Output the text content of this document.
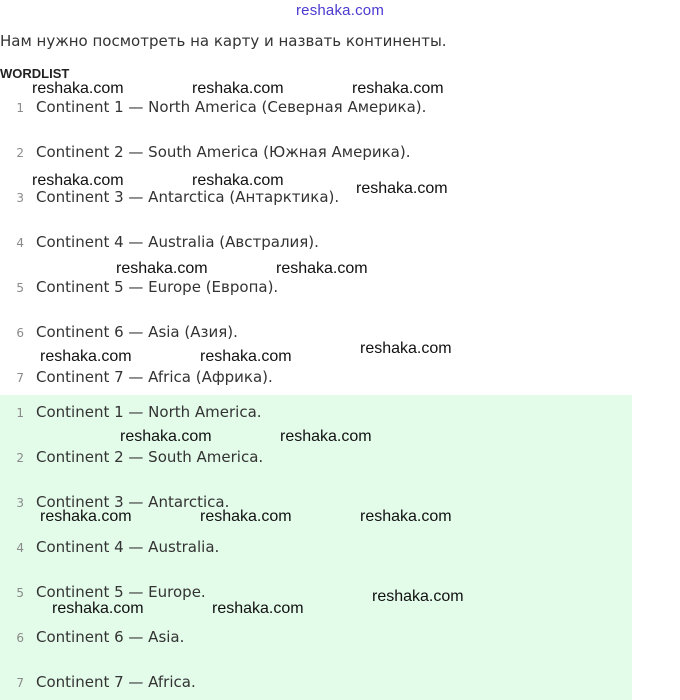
reshaka.com
Нам нужно посмотреть на карту и назвать континенты.
WORDLIST
1 Continent 1 — North America (Северная Америка).
2 Continent 2 — South America (Южная Америка).
3 Continent 3 — Antarctica (Антарктика).
4 Continent 4 — Australia (Австралия).
5 Continent 5 — Europe (Европа).
6 Continent 6 — Asia (Азия).
7 Continent 7 — Africa (Африка).
1 Continent 1 — North America.
2 Continent 2 — South America.
3 Continent 3 — Antarctica.
4 Continent 4 — Australia.
5 Continent 5 — Europe.
6 Continent 6 — Asia.
7 Continent 7 — Africa.
reshaka.com	reshaka.com	reshaka.com
reshaka.com	reshaka.com	reshaka.com
reshaka.com	reshaka.com
reshaka.com	reshaka.com	reshaka.com
reshaka.com	reshaka.com
reshaka.com	reshaka.com	reshaka.com
reshaka.com	reshaka.com
reshaka.com
